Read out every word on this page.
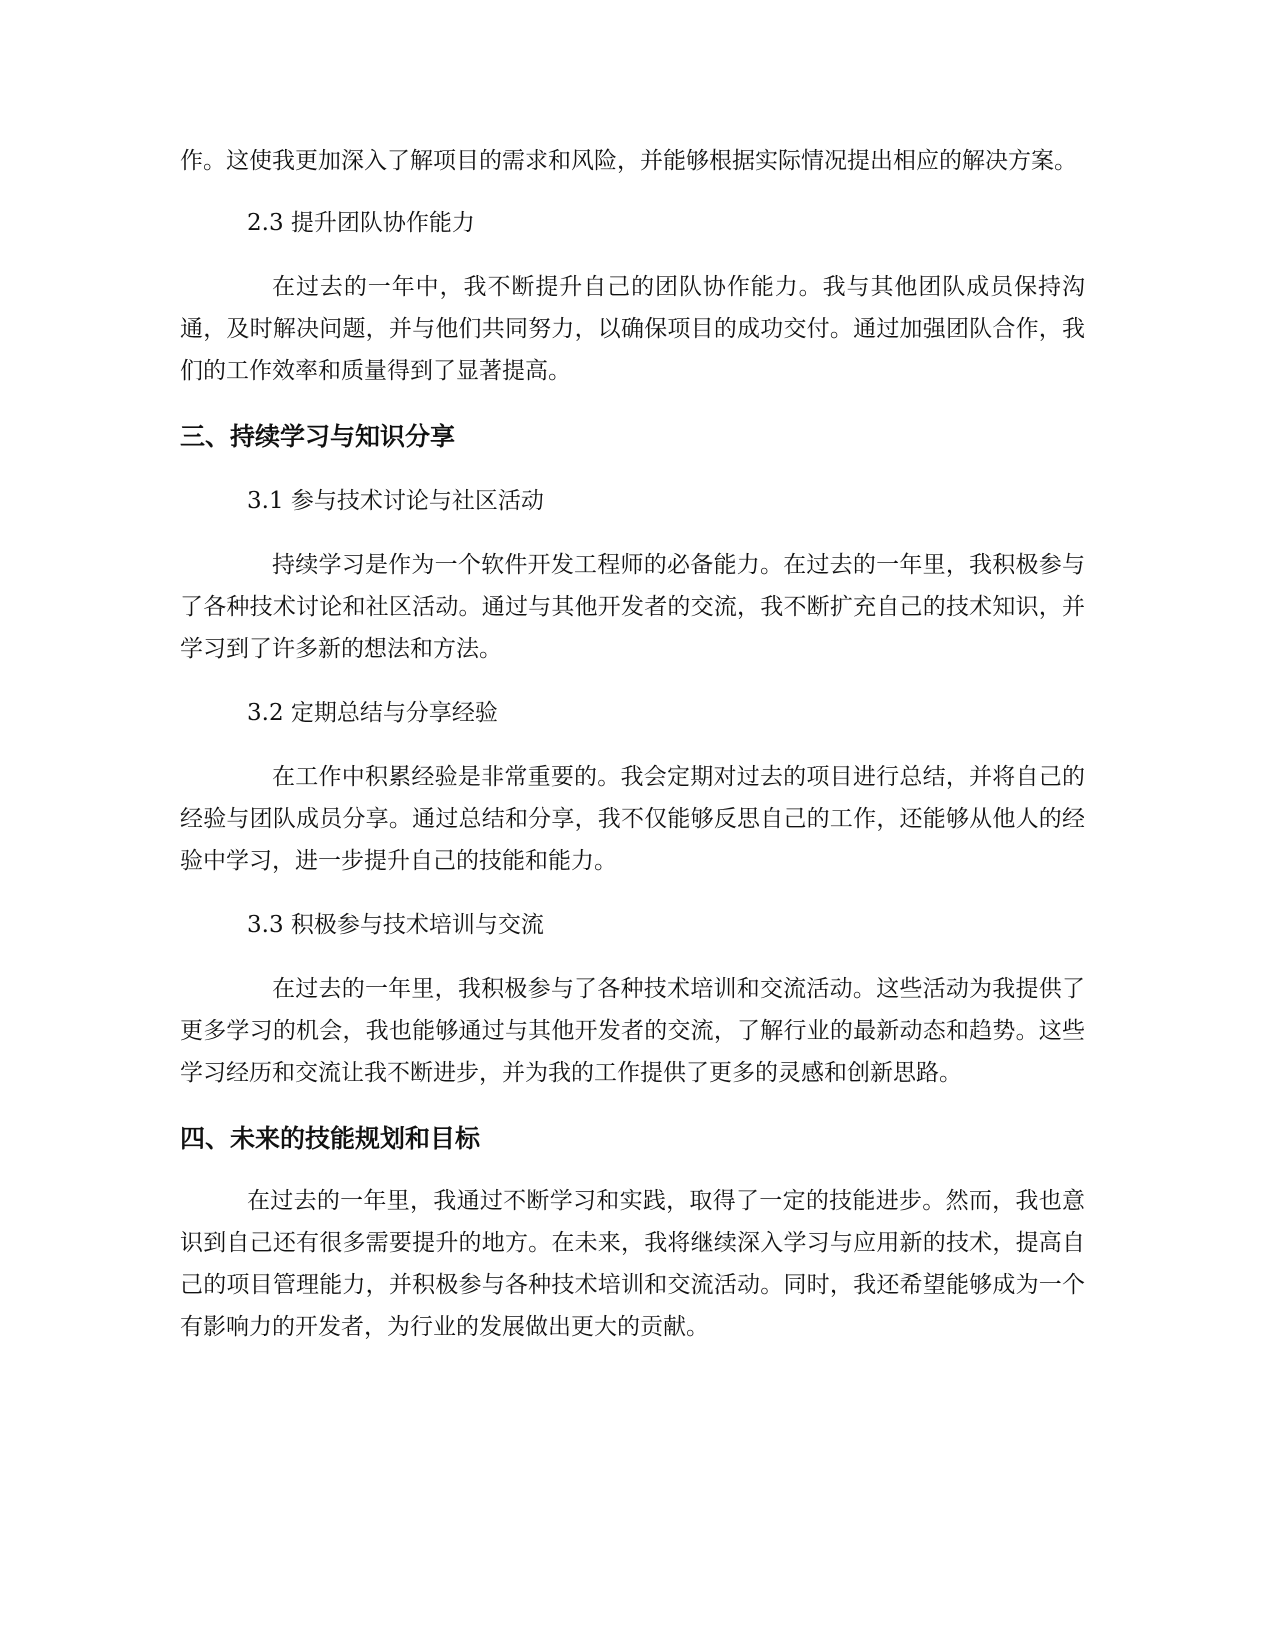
作。这使我更加深入了解项目的需求和风险，并能够根据实际情况提出相应的解决方案。

2.3 提升团队协作能力

在过去的一年中，我不断提升自己的团队协作能力。我与其他团队成员保持沟通，及时解决问题，并与他们共同努力，以确保项目的成功交付。通过加强团队合作，我们的工作效率和质量得到了显著提高。

三、持续学习与知识分享

3.1 参与技术讨论与社区活动

持续学习是作为一个软件开发工程师的必备能力。在过去的一年里，我积极参与了各种技术讨论和社区活动。通过与其他开发者的交流，我不断扩充自己的技术知识，并学习到了许多新的想法和方法。

3.2 定期总结与分享经验

在工作中积累经验是非常重要的。我会定期对过去的项目进行总结，并将自己的经验与团队成员分享。通过总结和分享，我不仅能够反思自己的工作，还能够从他人的经验中学习，进一步提升自己的技能和能力。

3.3 积极参与技术培训与交流

在过去的一年里，我积极参与了各种技术培训和交流活动。这些活动为我提供了更多学习的机会，我也能够通过与其他开发者的交流，了解行业的最新动态和趋势。这些学习经历和交流让我不断进步，并为我的工作提供了更多的灵感和创新思路。

四、未来的技能规划和目标

在过去的一年里，我通过不断学习和实践，取得了一定的技能进步。然而，我也意识到自己还有很多需要提升的地方。在未来，我将继续深入学习与应用新的技术，提高自己的项目管理能力，并积极参与各种技术培训和交流活动。同时，我还希望能够成为一个有影响力的开发者，为行业的发展做出更大的贡献。
